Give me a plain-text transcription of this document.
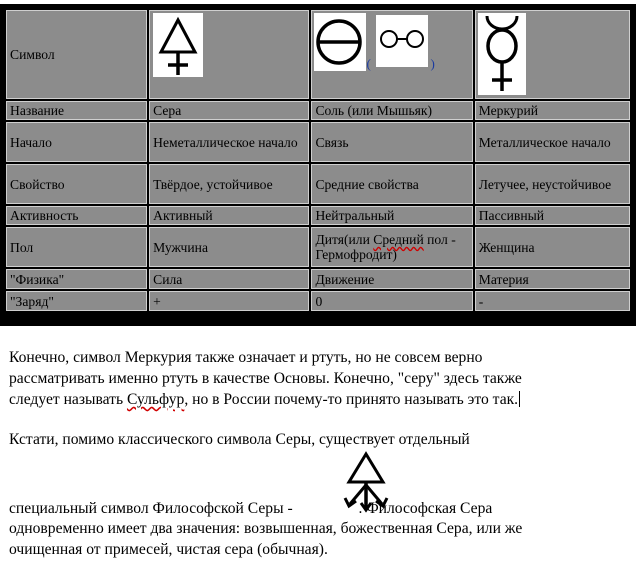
Символ		( )

Название	Сера	Соль (или Мышьяк)	Меркурий
Начало	Неметаллическое начало	Связь	Металлическое начало
Свойство	Твёрдое, устойчивое	Средние свойства	Летучее, неустойчивое
Активность	Активный	Нейтральный	Пассивный
Пол	Мужчина	Дитя(или Средний пол - Гермофродит)	Женщина
"Физика"	Сила	Движение	Материя
"Заряд"	+	0	-

Конечно, символ Меркурия также означает и ртуть, но не совсем верно

рассматривать именно ртуть в качестве Основы. Конечно, "серу" здесь также

следует называть Сульфур, но в России почему-то принято называть это так.

Кстати, помимо классического символа Серы, существует отдельный

специальный символ Философской Серы -	. Философская Сера

одновременно имеет два значения: возвышенная, божественная Сера, или же

очищенная от примесей, чистая сера (обычная).
